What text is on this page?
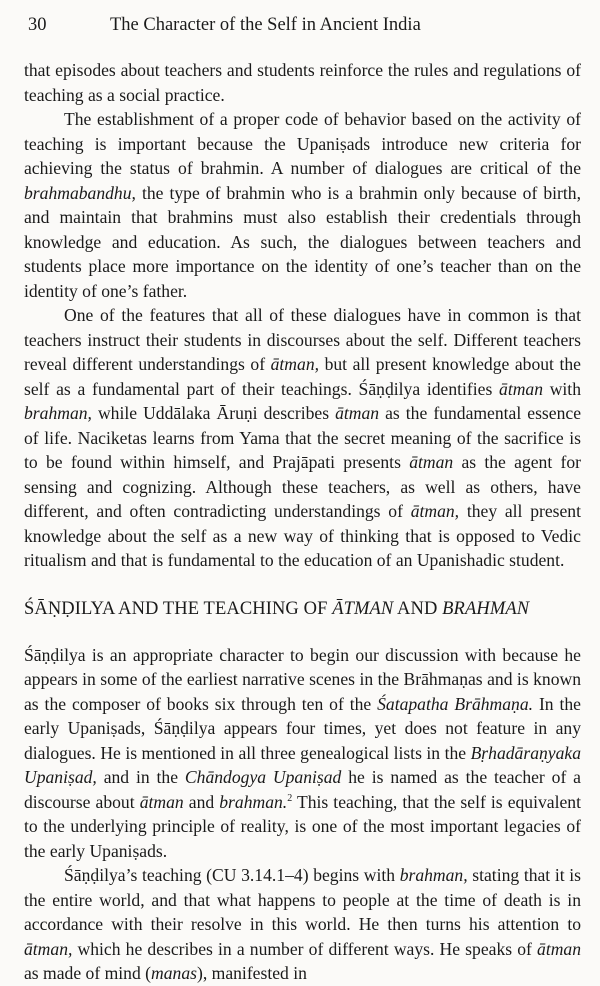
30	The Character of the Self in Ancient India

that episodes about teachers and students reinforce the rules and regulations of teaching as a social practice.

The establishment of a proper code of behavior based on the activity of teaching is important because the Upaniṣads introduce new criteria for achieving the status of brahmin. A number of dialogues are critical of the brahmabandhu, the type of brahmin who is a brahmin only because of birth, and maintain that brahmins must also establish their credentials through knowledge and education. As such, the dialogues between teachers and students place more importance on the identity of one’s teacher than on the identity of one’s father.

One of the features that all of these dialogues have in common is that teachers instruct their students in discourses about the self. Different teachers reveal different understandings of ātman, but all present knowledge about the self as a fundamental part of their teachings. Śāṇḍilya identifies ātman with brahman, while Uddālaka Āruṇi describes ātman as the fundamental essence of life. Naciketas learns from Yama that the secret meaning of the sacrifice is to be found within himself, and Prajāpati presents ātman as the agent for sensing and cognizing. Although these teachers, as well as others, have different, and often contradicting understandings of ātman, they all present knowledge about the self as a new way of thinking that is opposed to Vedic ritualism and that is fundamental to the education of an Upanishadic student.

ŚĀṆḌILYA AND THE TEACHING OF ĀTMAN AND BRAHMAN

Śāṇḍilya is an appropriate character to begin our discussion with because he appears in some of the earliest narrative scenes in the Brāhmaṇas and is known as the composer of books six through ten of the Śatapatha Brāhmaṇa. In the early Upaniṣads, Śāṇḍilya appears four times, yet does not feature in any dialogues. He is mentioned in all three genealogical lists in the Bṛhadāraṇyaka Upaniṣad, and in the Chāndogya Upaniṣad he is named as the teacher of a discourse about ātman and brahman.$^2$ This teaching, that the self is equivalent to the underlying principle of reality, is one of the most important legacies of the early Upaniṣads.

Śāṇḍilya’s teaching (CU 3.14.1–4) begins with brahman, stating that it is the entire world, and that what happens to people at the time of death is in accordance with their resolve in this world. He then turns his attention to ātman, which he describes in a number of different ways. He speaks of ātman as made of mind (manas), manifested in
